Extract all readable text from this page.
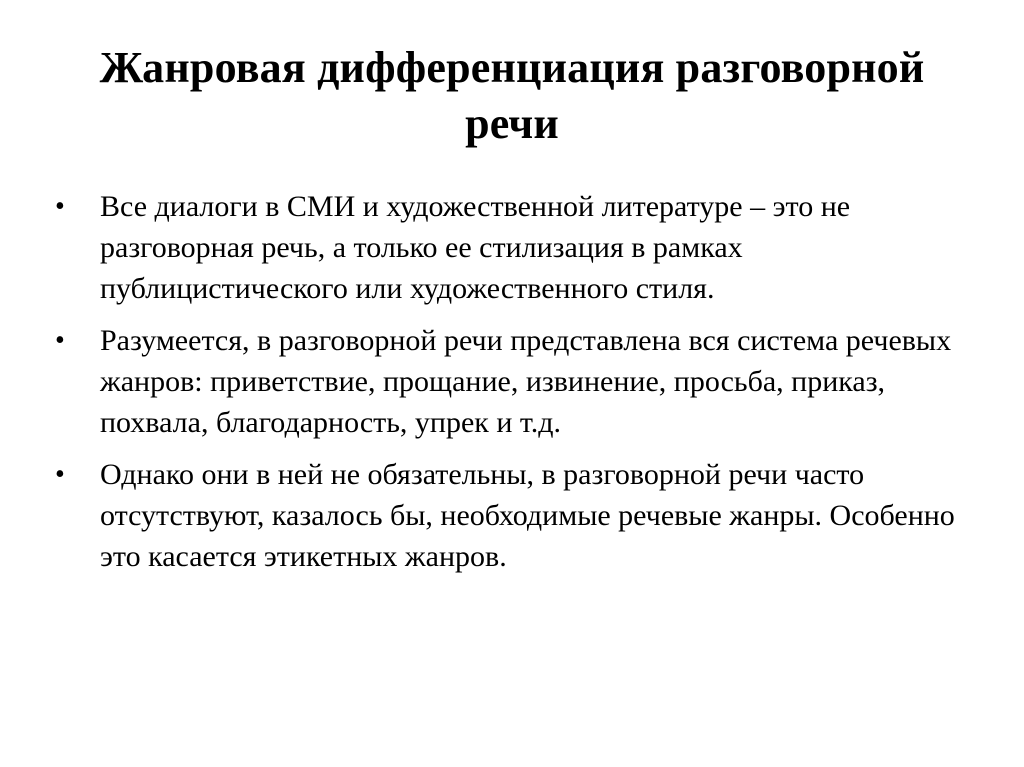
Жанровая дифференциация разговорной речи
•	Все диалоги в СМИ и художественной литературе – это не разговорная речь, а только ее стилизация в рамках публицистического или художественного стиля.
•	Разумеется, в разговорной речи представлена вся система речевых жанров: приветствие, прощание, извинение, просьба, приказ, похвала, благодарность, упрек и т.д.
•	Однако они в ней не обязательны, в разговорной речи часто отсутствуют, казалось бы, необходимые речевые жанры. Особенно это касается этикетных жанров.
